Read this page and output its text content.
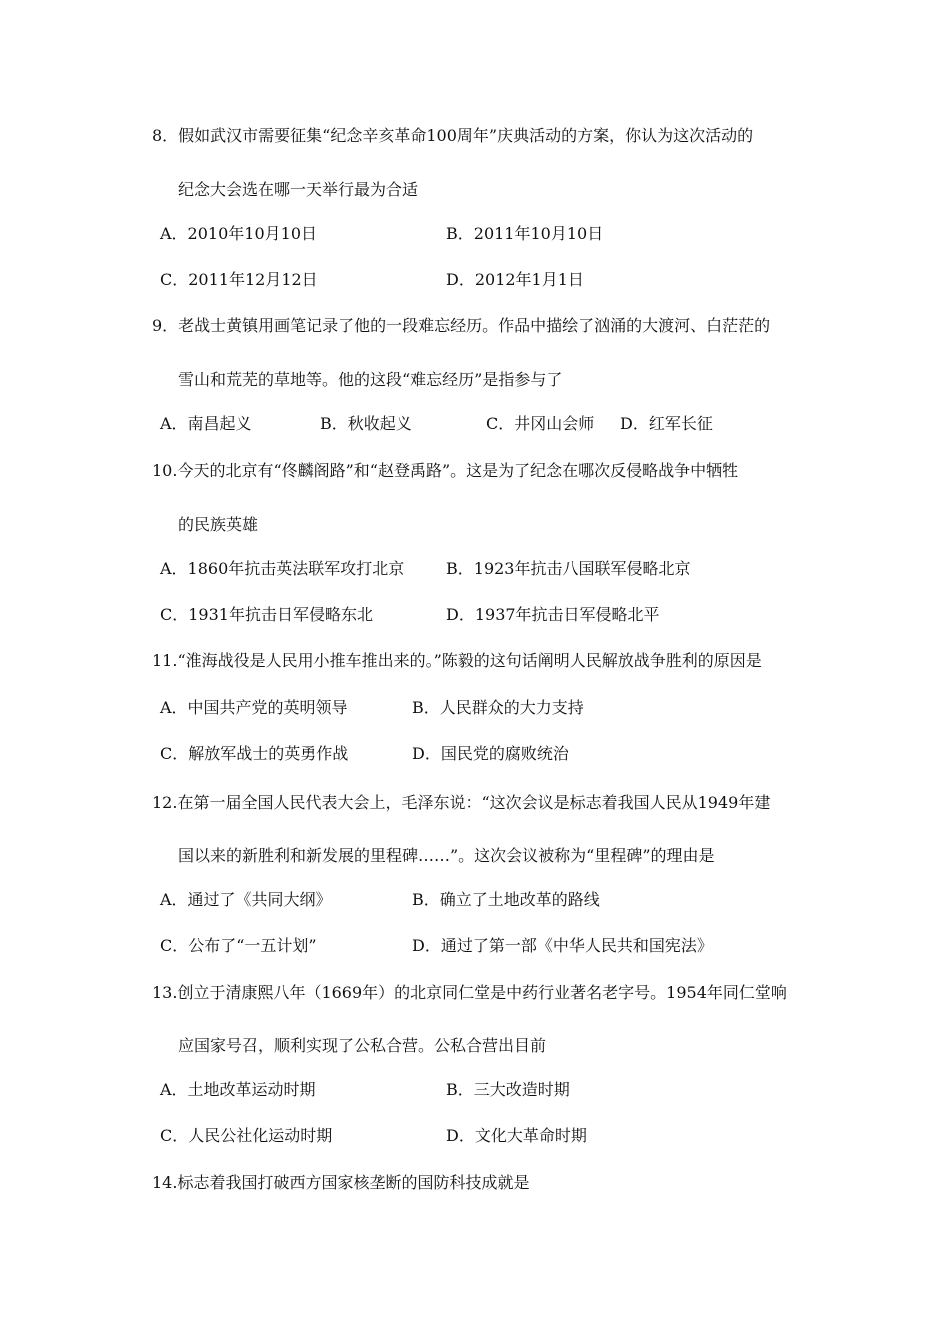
8．假如武汉市需要征集“纪念辛亥革命100周年”庆典活动的方案，你认为这次活动的
纪念大会选在哪一天举行最为合适
A．2010年10月10日	B．2011年10月10日
C．2011年12月12日	D．2012年1月1日
9．老战士黄镇用画笔记录了他的一段难忘经历。作品中描绘了汹涌的大渡河、白茫茫的
雪山和荒芜的草地等。他的这段“难忘经历”是指参与了
A．南昌起义	B．秋收起义	C．井冈山会师 D．红军长征
10.今天的北京有“佟麟阁路”和“赵登禹路”。这是为了纪念在哪次反侵略战争中牺牲
的民族英雄
A．1860年抗击英法联军攻打北京	B．1923年抗击八国联军侵略北京
C．1931年抗击日军侵略东北	D．1937年抗击日军侵略北平
11.“淮海战役是人民用小推车推出来的。”陈毅的这句话阐明人民解放战争胜利的原因是
A．中国共产党的英明领导	B．人民群众的大力支持
C．解放军战士的英勇作战	D．国民党的腐败统治
12.在第一届全国人民代表大会上，毛泽东说：“这次会议是标志着我国人民从1949年建
国以来的新胜利和新发展的里程碑……”。这次会议被称为“里程碑”的理由是
A．通过了《共同大纲》	B．确立了土地改革的路线
C．公布了“一五计划”	D．通过了第一部《中华人民共和国宪法》
13.创立于清康熙八年（1669年）的北京同仁堂是中药行业著名老字号。1954年同仁堂响
应国家号召，顺利实现了公私合营。公私合营出目前
A．土地改革运动时期	B．三大改造时期
C．人民公社化运动时期	D．文化大革命时期
14.标志着我国打破西方国家核垄断的国防科技成就是
